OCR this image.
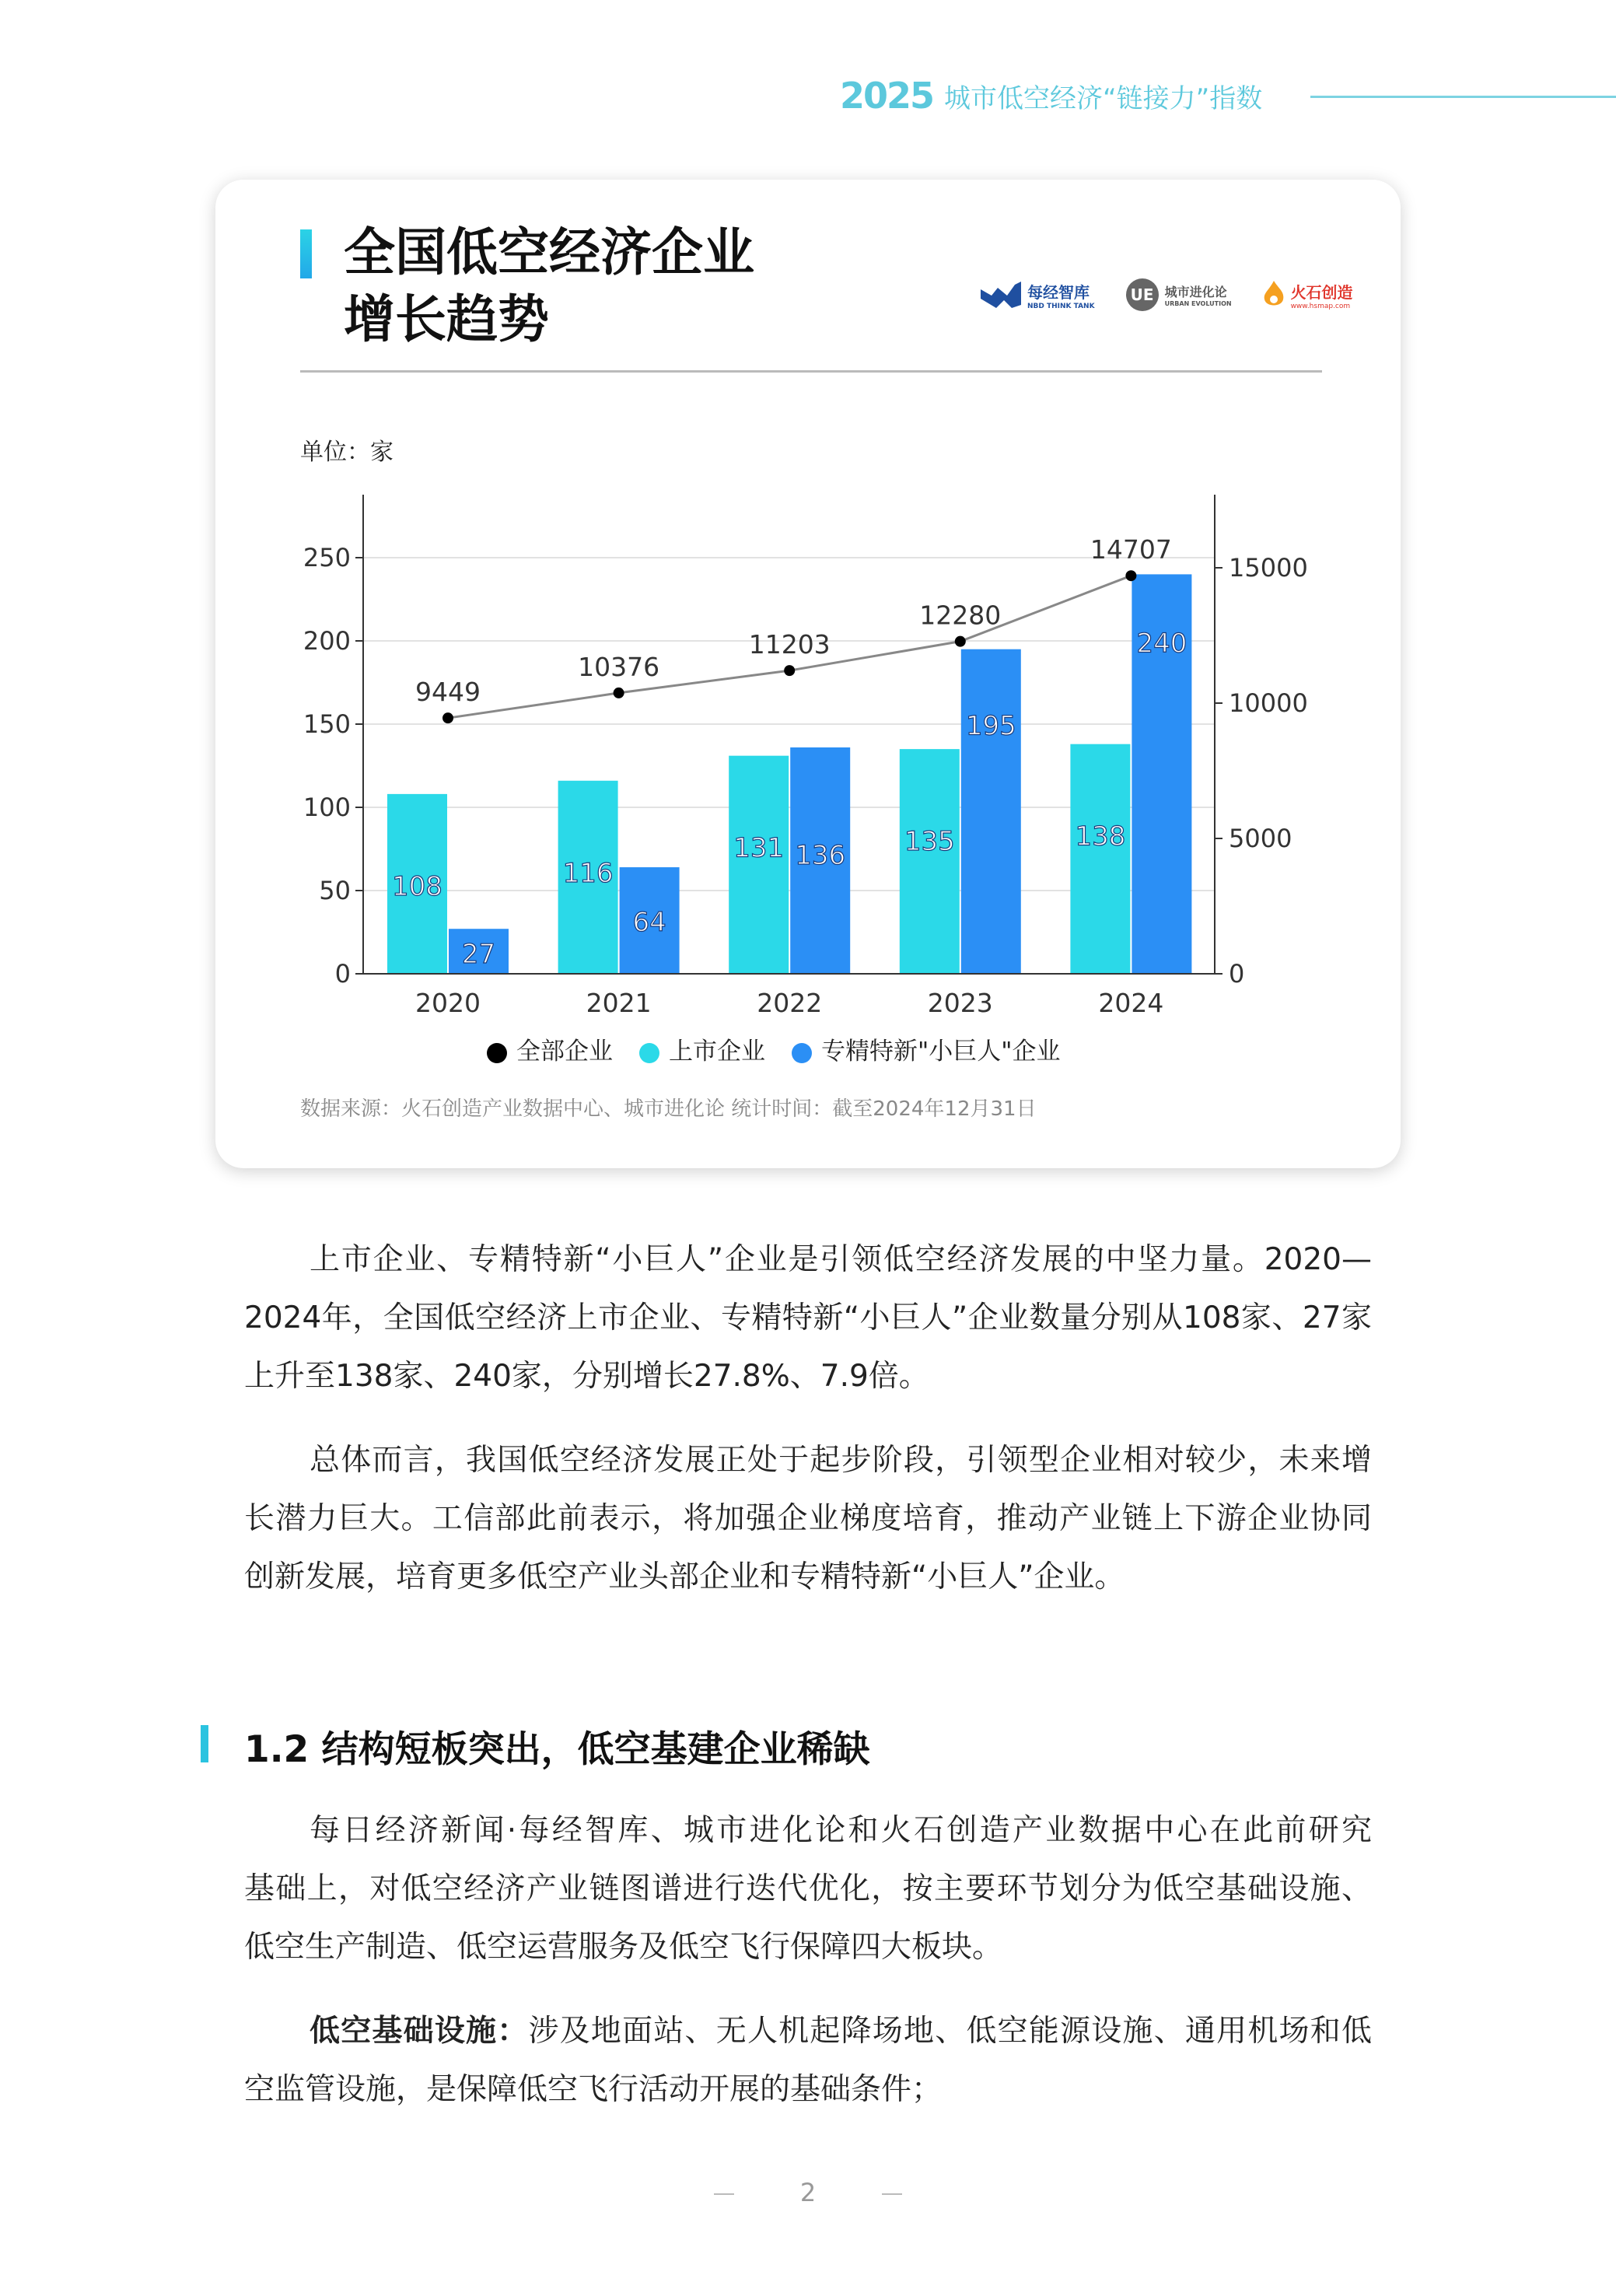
2025 城市低空经济“链接力”指数
全国低空经济企业
增长趋势	每经智库
NBD THINK TANK
UE 城市进化论
URBAN EVOLUTION
火石创造
www.hsmap.com
单位：家
0
50
100
150
200
250
0
5000
10000
15000
108
27
2020
116
64
2021
131 136
2022
135
195
2023
138
240
2024
9449
10376
11203
12280
14707
全部企业	上市企业	专精特新"小巨人"企业
数据来源：火石创造产业数据中心、城市进化论 统计时间：截至2024年12月31日
上市企业、专精特新“小巨人”企业是引领低空经济发展的中坚力量。2020—
2024年，全国低空经济上市企业、专精特新“小巨人”企业数量分别从108家、27家
上升至138家、240家，分别增长27.8%、7.9倍。
总体而言，我国低空经济发展正处于起步阶段，引领型企业相对较少，未来增
长潜力巨大。工信部此前表示，将加强企业梯度培育，推动产业链上下游企业协同
创新发展，培育更多低空产业头部企业和专精特新“小巨人”企业。
1.2 结构短板突出，低空基建企业稀缺
每日经济新闻·每经智库、城市进化论和火石创造产业数据中心在此前研究
基础上，对低空经济产业链图谱进行迭代优化，按主要环节划分为低空基础设施、
低空生产制造、低空运营服务及低空飞行保障四大板块。
低空基础设施：涉及地面站、无人机起降场地、低空能源设施、通用机场和低
空监管设施，是保障低空飞行活动开展的基础条件；
2
